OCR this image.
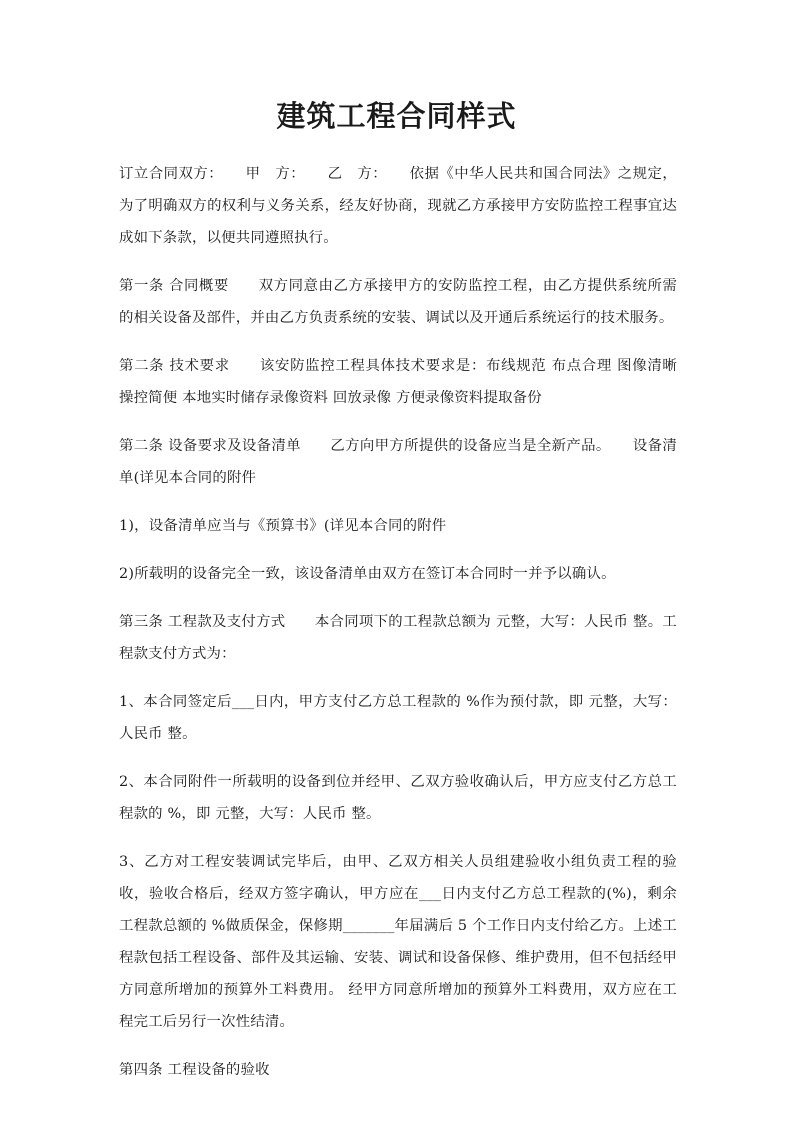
建筑工程合同样式

订立合同双方：　　甲　方：　　乙　方：　　依据《中华人民共和国合同法》之规定，为了明确双方的权利与义务关系，经友好协商，现就乙方承接甲方安防监控工程事宜达成如下条款，以便共同遵照执行。

第一条 合同概要　　双方同意由乙方承接甲方的安防监控工程，由乙方提供系统所需的相关设备及部件，并由乙方负责系统的安装、调试以及开通后系统运行的技术服务。

第二条 技术要求　　该安防监控工程具体技术要求是：布线规范 布点合理 图像清晰 操控简便 本地实时储存录像资料 回放录像 方便录像资料提取备份

第二条 设备要求及设备清单　　乙方向甲方所提供的设备应当是全新产品。　　设备清单(详见本合同的附件

1)，设备清单应当与《预算书》(详见本合同的附件

2)所载明的设备完全一致，该设备清单由双方在签订本合同时一并予以确认。

第三条 工程款及支付方式　　本合同项下的工程款总额为 元整，大写：人民币 整。工程款支付方式为：

1、本合同签定后___日内，甲方支付乙方总工程款的 %作为预付款，即 元整，大写：人民币 整。

2、本合同附件一所载明的设备到位并经甲、乙双方验收确认后，甲方应支付乙方总工程款的 %，即 元整，大写：人民币 整。

3、乙方对工程安装调试完毕后，由甲、乙双方相关人员组建验收小组负责工程的验收，验收合格后，经双方签字确认，甲方应在___日内支付乙方总工程款的(%)，剩余工程款总额的 %做质保金，保修期_______年届满后 5 个工作日内支付给乙方。上述工程款包括工程设备、部件及其运输、安装、调试和设备保修、维护费用，但不包括经甲方同意所增加的预算外工料费用。 经甲方同意所增加的预算外工料费用，双方应在工程完工后另行一次性结清。

第四条 工程设备的验收
